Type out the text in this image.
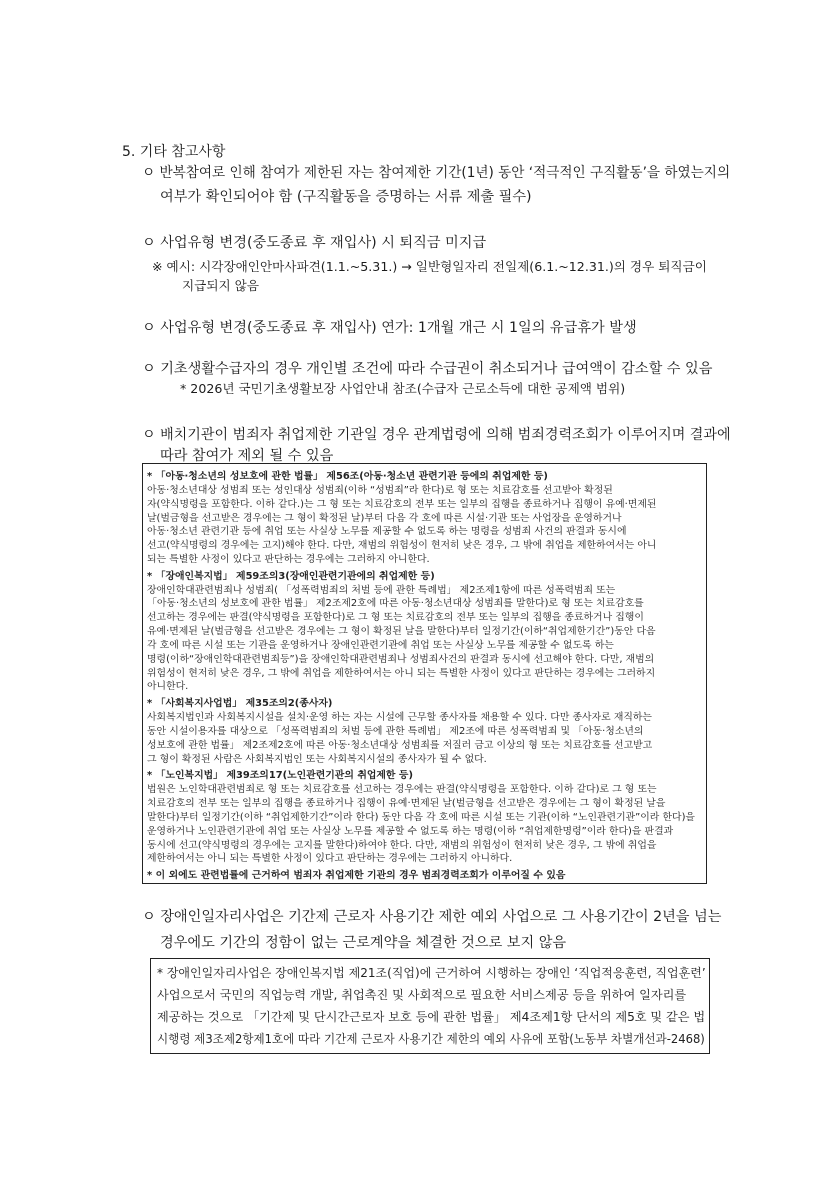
5. 기타 참고사항
ㅇ 반복참여로 인해 참여가 제한된 자는 참여제한 기간(1년) 동안 ‘적극적인 구직활동’을 하였는지의
여부가 확인되어야 함 (구직활동을 증명하는 서류 제출 필수)
ㅇ 사업유형 변경(중도종료 후 재입사) 시 퇴직금 미지급
※ 예시: 시각장애인안마사파견(1.1.~5.31.) → 일반형일자리 전일제(6.1.~12.31.)의 경우 퇴직금이
지급되지 않음
ㅇ 사업유형 변경(중도종료 후 재입사) 연가: 1개월 개근 시 1일의 유급휴가 발생
ㅇ 기초생활수급자의 경우 개인별 조건에 따라 수급권이 취소되거나 급여액이 감소할 수 있음
* 2026년 국민기초생활보장 사업안내 참조(수급자 근로소득에 대한 공제액 범위)
ㅇ 배치기관이 범죄자 취업제한 기관일 경우 관계법령에 의해 범죄경력조회가 이루어지며 결과에
따라 참여가 제외 될 수 있음
* 「아동·청소년의 성보호에 관한 법률」 제56조(아동·청소년 관련기관 등에의 취업제한 등)
아동·청소년대상 성범죄 또는 성인대상 성범죄(이하 “성범죄”라 한다)로 형 또는 치료감호를 선고받아 확정된
자(약식명령을 포함한다. 이하 같다.)는 그 형 또는 치료감호의 전부 또는 일부의 집행을 종료하거나 집행이 유예·면제된
날(벌금형을 선고받은 경우에는 그 형이 확정된 날)부터 다음 각 호에 따른 시설·기관 또는 사업장을 운영하거나
아동·청소년 관련기관 등에 취업 또는 사실상 노무를 제공할 수 없도록 하는 명령을 성범죄 사건의 판결과 동시에
선고(약식명령의 경우에는 고지)해야 한다. 다만, 재범의 위험성이 현저히 낮은 경우, 그 밖에 취업을 제한하여서는 아니
되는 특별한 사정이 있다고 판단하는 경우에는 그러하지 아니한다.
* 「장애인복지법」 제59조의3(장애인관련기관에의 취업제한 등)
장애인학대관련범죄나 성범죄( 「성폭력범죄의 처벌 등에 관한 특례법」 제2조제1항에 따른 성폭력범죄 또는
「아동·청소년의 성보호에 관한 법률」 제2조제2호에 따른 아동·청소년대상 성범죄를 말한다)로 형 또는 치료감호를
선고하는 경우에는 판결(약식명령을 포함한다)로 그 형 또는 치료감호의 전부 또는 일부의 집행을 종료하거나 집행이
유예·면제된 날(벌금형을 선고받은 경우에는 그 형이 확정된 날을 말한다)부터 일정기간(이하“취업제한기간”)동안 다음
각 호에 따른 시설 또는 기관을 운영하거나 장애인관련기관에 취업 또는 사실상 노무를 제공할 수 없도록 하는
명령(이하“장애인학대관련범죄등”)을 장애인학대관련범죄나 성범죄사건의 판결과 동시에 선고해야 한다. 다만, 재범의
위험성이 현저히 낮은 경우, 그 밖에 취업을 제한하여서는 아니 되는 특별한 사정이 있다고 판단하는 경우에는 그러하지
아니한다.
* 「사회복지사업법」 제35조의2(종사자)
사회복지법인과 사회복지시설을 설치·운영 하는 자는 시설에 근무할 종사자를 채용할 수 있다. 다만 종사자로 재직하는
동안 시설이용자를 대상으로 「성폭력범죄의 처벌 등에 관한 특례법」 제2조에 따른 성폭력범죄 및 「아동·청소년의
성보호에 관한 법률」 제2조제2호에 따른 아동·청소년대상 성범죄를 저질러 금고 이상의 형 또는 치료감호를 선고받고
그 형이 확정된 사람은 사회복지법인 또는 사회복지시설의 종사자가 될 수 없다.
* 「노인복지법」 제39조의17(노인관련기관의 취업제한 등)
법원은 노인학대관련범죄로 형 또는 치료감호를 선고하는 경우에는 판결(약식명령을 포함한다. 이하 같다)로 그 형 또는
치료감호의 전부 또는 일부의 집행을 종료하거나 집행이 유예·면제된 날(벌금형을 선고받은 경우에는 그 형이 확정된 날을
말한다)부터 일정기간(이하 “취업제한기간”이라 한다) 동안 다음 각 호에 따른 시설 또는 기관(이하 “노인관련기관”이라 한다)을
운영하거나 노인관련기관에 취업 또는 사실상 노무를 제공할 수 없도록 하는 명령(이하 “취업제한명령”이라 한다)을 판결과
동시에 선고(약식명령의 경우에는 고지를 말한다)하여야 한다. 다만, 재범의 위험성이 현저히 낮은 경우, 그 밖에 취업을
제한하여서는 아니 되는 특별한 사정이 있다고 판단하는 경우에는 그러하지 아니하다.
* 이 외에도 관련법률에 근거하여 범죄자 취업제한 기관의 경우 범죄경력조회가 이루어질 수 있음
ㅇ 장애인일자리사업은 기간제 근로자 사용기간 제한 예외 사업으로 그 사용기간이 2년을 넘는
경우에도 기간의 정함이 없는 근로계약을 체결한 것으로 보지 않음
* 장애인일자리사업은 장애인복지법 제21조(직업)에 근거하여 시행하는 장애인 ‘직업적응훈련, 직업훈련’
사업으로서 국민의 직업능력 개발, 취업촉진 및 사회적으로 필요한 서비스제공 등을 위하여 일자리를
제공하는 것으로 「기간제 및 단시간근로자 보호 등에 관한 법률」 제4조제1항 단서의 제5호 및 같은 법
시행령 제3조제2항제1호에 따라 기간제 근로자 사용기간 제한의 예외 사유에 포함(노동부 차별개선과-2468)
